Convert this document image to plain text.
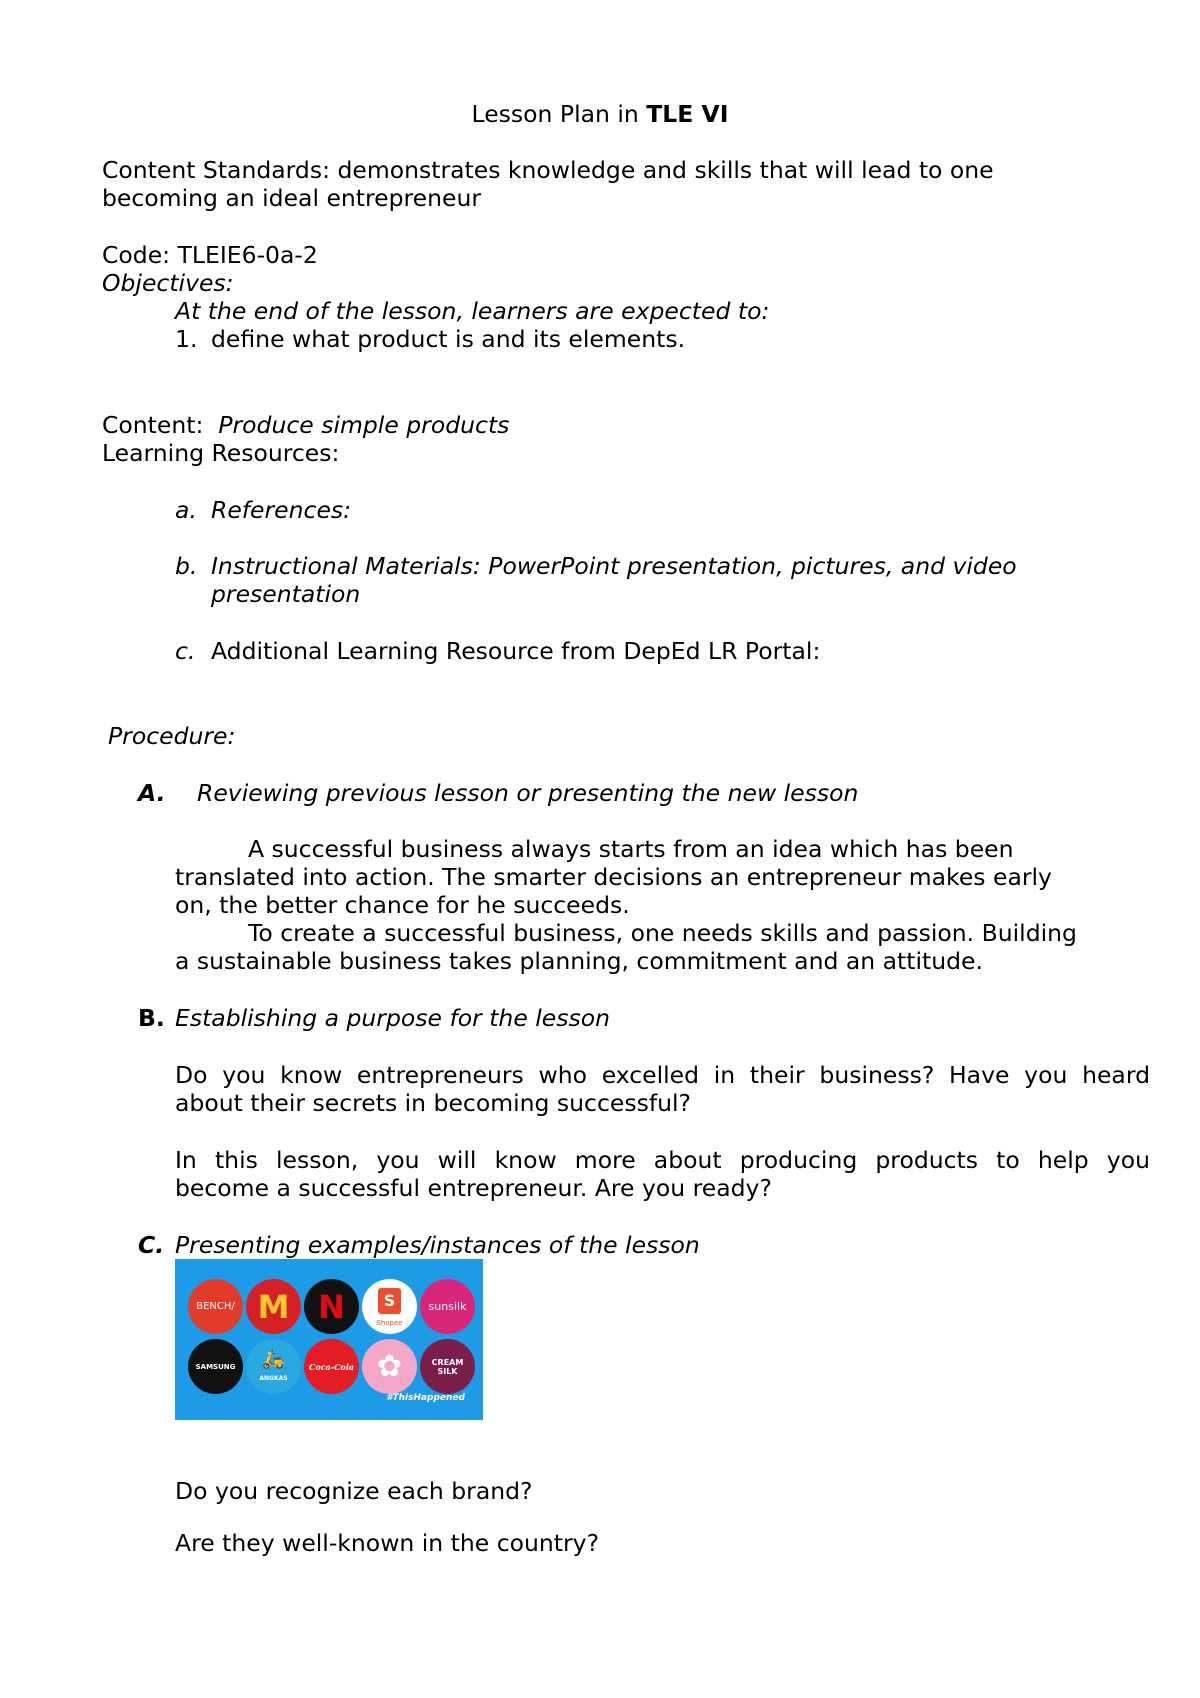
Lesson Plan in TLE VI
Content Standards: demonstrates knowledge and skills that will lead to one
becoming an ideal entrepreneur
Code: TLEIE6-0a-2
Objectives:
At the end of the lesson, learners are expected to:
1. define what product is and its elements.
Content: Produce simple products
Learning Resources:
a. References:
b. Instructional Materials: PowerPoint presentation, pictures, and video
presentation
c. Additional Learning Resource from DepEd LR Portal:
Procedure:
A. Reviewing previous lesson or presenting the new lesson
A successful business always starts from an idea which has been
translated into action. The smarter decisions an entrepreneur makes early
on, the better chance for he succeeds.
To create a successful business, one needs skills and passion. Building
a sustainable business takes planning, commitment and an attitude.
B. Establishing a purpose for the lesson
Do you know entrepreneurs who excelled in their business? Have you heard
about their secrets in becoming successful?
In this lesson, you will know more about producing products to help you
become a successful entrepreneur. Are you ready?
C. Presenting examples/instances of the lesson
BENCH/ M N	S
Shopee
sunsilk
SAMSUNG	🛵
ANGKAS
Coca-Cola ✿	CREAM SILK
#ThisHappened
Do you recognize each brand?
Are they well-known in the country?
